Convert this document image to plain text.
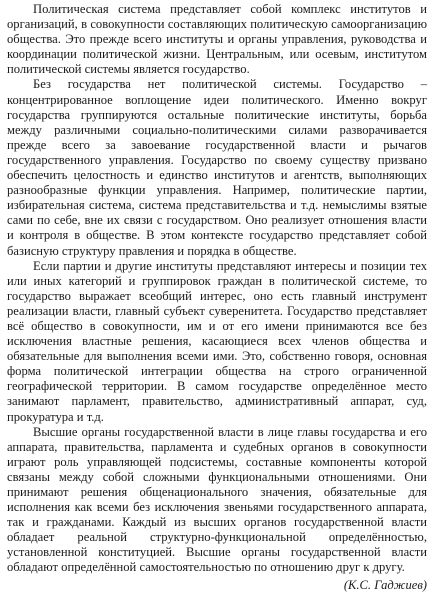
Политическая система представляет собой комплекс институтов и организаций, в совокупности составляющих политическую самоорганизацию общества. Это прежде всего институты и органы управления, руководства и координации политической жизни. Центральным, или осевым, институтом политической системы является государство.

Без государства нет политической системы. Государство – концентрированное воплощение идеи политического. Именно вокруг государства группируются остальные политические институты, борьба между различными социально-политическими силами разворачивается прежде всего за завоевание государственной власти и рычагов государственного управления. Государство по своему существу призвано обеспечить целостность и единство институтов и агентств, выполняющих разнообразные функции управления. Например, политические партии, избирательная система, система представительства и т.д. немыслимы взятые сами по себе, вне их связи с государством. Оно реализует отношения власти и контроля в обществе. В этом контексте государство представляет собой базисную структуру правления и порядка в обществе.

Если партии и другие институты представляют интересы и позиции тех или иных категорий и группировок граждан в политической системе, то государство выражает всеобщий интерес, оно есть главный инструмент реализации власти, главный субъект суверенитета. Государство представляет всё общество в совокупности, им и от его имени принимаются все без исключения властные решения, касающиеся всех членов общества и обязательные для выполнения всеми ими. Это, собственно говоря, основная форма политической интеграции общества на строго ограниченной географической территории. В самом государстве определённое место занимают парламент, правительство, административный аппарат, суд, прокуратура и т.д.

Высшие органы государственной власти в лице главы государства и его аппарата, правительства, парламента и судебных органов в совокупности играют роль управляющей подсистемы, составные компоненты которой связаны между собой сложными функциональными отношениями. Они принимают решения общенационального значения, обязательные для исполнения как всеми без исключения звеньями государственного аппарата, так и гражданами. Каждый из высших органов государственной власти обладает реальной структурно-функциональной определённостью, установленной конституцией. Высшие органы государственной власти обладают определённой самостоятельностью по отношению друг к другу.

(К.С. Гаджиев)
